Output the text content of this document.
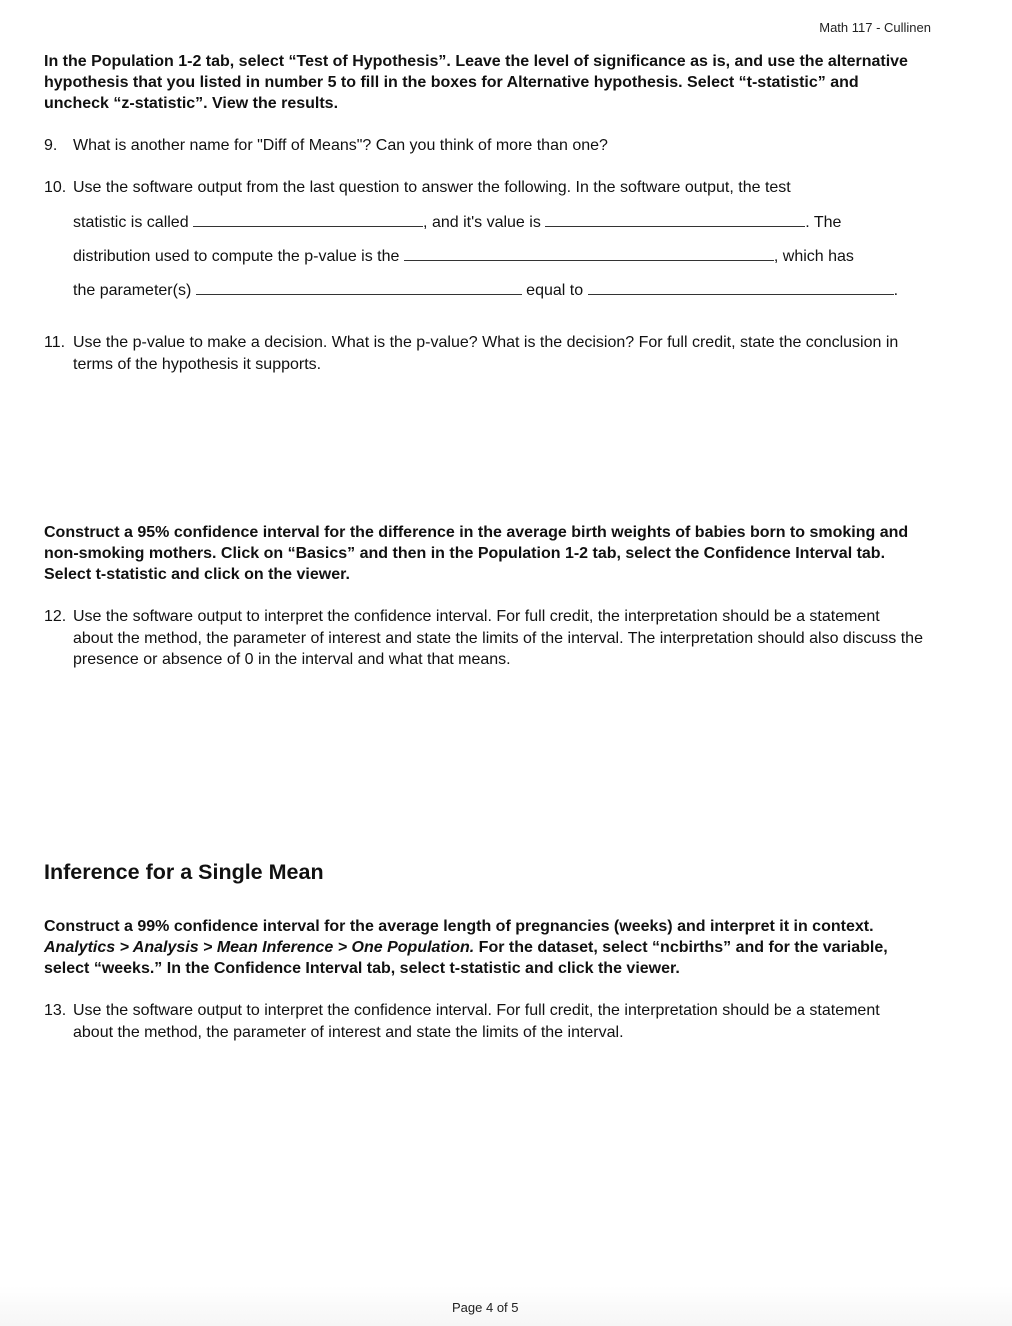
Math 117 - Cullinen
In the Population 1-2 tab, select “Test of Hypothesis”. Leave the level of significance as is, and use the alternative hypothesis that you listed in number 5 to fill in the boxes for Alternative hypothesis. Select “t-statistic” and uncheck “z-statistic”. View the results.
9. What is another name for "Diff of Means"? Can you think of more than one?
10. Use the software output from the last question to answer the following. In the software output, the test
statistic is called	, and it's value is	. The
distribution used to compute the p-value is the	, which has
the parameter(s)	equal to	.
11. Use the p-value to make a decision. What is the p-value? What is the decision? For full credit, state the conclusion in terms of the hypothesis it supports.
Construct a 95% confidence interval for the difference in the average birth weights of babies born to smoking and non-smoking mothers. Click on “Basics” and then in the Population 1-2 tab, select the Confidence Interval tab. Select t-statistic and click on the viewer.
12. Use the software output to interpret the confidence interval. For full credit, the interpretation should be a statement about the method, the parameter of interest and state the limits of the interval. The interpretation should also discuss the presence or absence of 0 in the interval and what that means.
Inference for a Single Mean
Construct a 99% confidence interval for the average length of pregnancies (weeks) and interpret it in context. Analytics > Analysis > Mean Inference > One Population. For the dataset, select “ncbirths” and for the variable, select “weeks.” In the Confidence Interval tab, select t-statistic and click the viewer.
13. Use the software output to interpret the confidence interval. For full credit, the interpretation should be a statement about the method, the parameter of interest and state the limits of the interval.
Page 4 of 5
